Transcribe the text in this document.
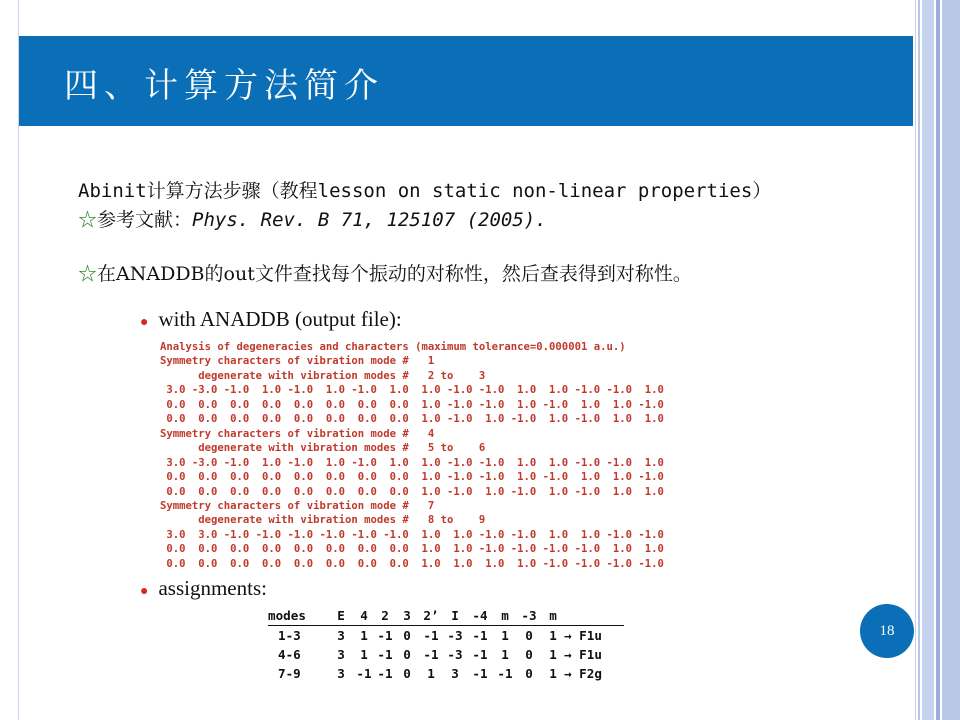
四、计算方法简介
Abinit计算方法步骤（教程lesson on static non-linear properties）
☆参考文献：Phys. Rev. B 71, 125107 (2005).
☆在ANADDB的out文件查找每个振动的对称性，然后查表得到对称性。
● with ANADDB (output file):
Analysis of degeneracies and characters (maximum tolerance=0.000001 a.u.)
Symmetry characters of vibration mode #   1
degenerate with vibration modes #   2 to    3
3.0 -3.0 -1.0  1.0 -1.0  1.0 -1.0  1.0  1.0 -1.0 -1.0  1.0  1.0 -1.0 -1.0  1.0
0.0  0.0  0.0  0.0  0.0  0.0  0.0  0.0  1.0 -1.0 -1.0  1.0 -1.0  1.0  1.0 -1.0
0.0  0.0  0.0  0.0  0.0  0.0  0.0  0.0  1.0 -1.0  1.0 -1.0  1.0 -1.0  1.0  1.0
Symmetry characters of vibration mode #   4
degenerate with vibration modes #   5 to    6
3.0 -3.0 -1.0  1.0 -1.0  1.0 -1.0  1.0  1.0 -1.0 -1.0  1.0  1.0 -1.0 -1.0  1.0
0.0  0.0  0.0  0.0  0.0  0.0  0.0  0.0  1.0 -1.0 -1.0  1.0 -1.0  1.0  1.0 -1.0
0.0  0.0  0.0  0.0  0.0  0.0  0.0  0.0  1.0 -1.0  1.0 -1.0  1.0 -1.0  1.0  1.0
Symmetry characters of vibration mode #   7
degenerate with vibration modes #   8 to    9
3.0  3.0 -1.0 -1.0 -1.0 -1.0 -1.0 -1.0  1.0  1.0 -1.0 -1.0  1.0  1.0 -1.0 -1.0
0.0  0.0  0.0  0.0  0.0  0.0  0.0  0.0  1.0  1.0 -1.0 -1.0 -1.0 -1.0  1.0  1.0
0.0  0.0  0.0  0.0  0.0  0.0  0.0  0.0  1.0  1.0  1.0  1.0 -1.0 -1.0 -1.0 -1.0
● assignments:
modes	E	4	2	3	2’	I	-4	m	-3	m	
1-3	3	1	-1	0	-1	-3	-1	1	0	1	→ F1u
4-6	3	1	-1	0	-1	-3	-1	1	0	1	→ F1u
7-9	3	-1	-1	0	1	3	-1	-1	0	1	→ F2g
18
